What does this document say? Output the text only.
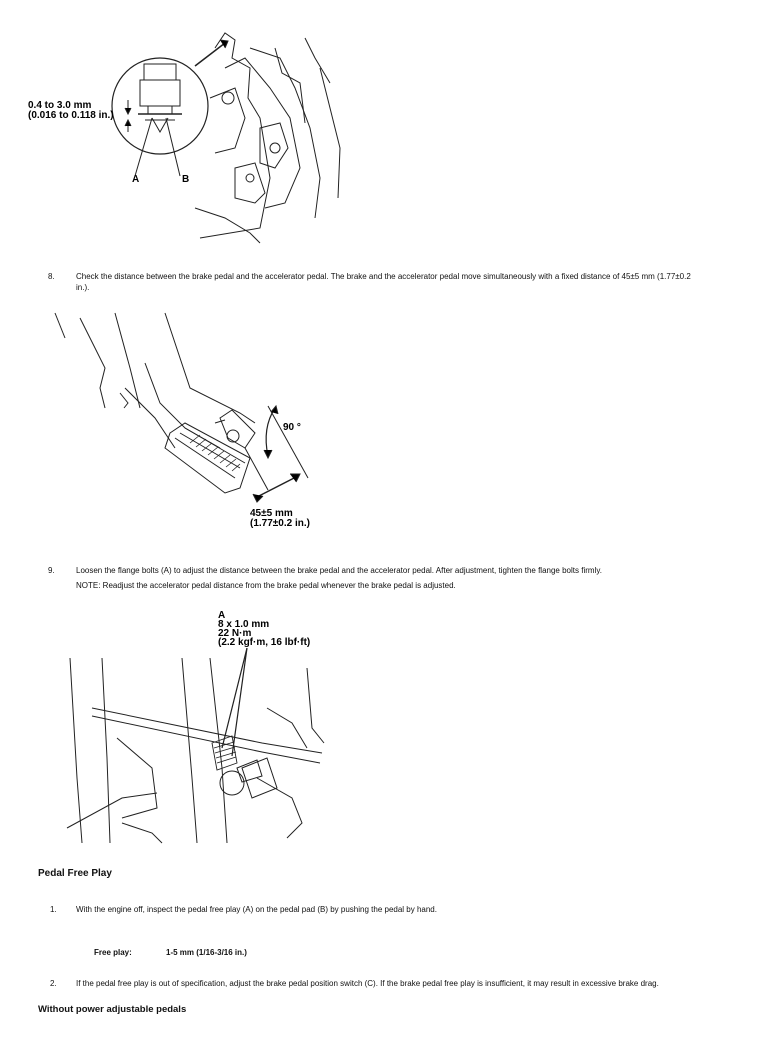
0.4 to 3.0 mm
(0.016 to 0.118 in.)
A	B
8.	Check the distance between the brake pedal and the accelerator pedal. The brake and the accelerator pedal move simultaneously with a fixed distance of 45±5 mm (1.77±0.2 in.).
90 °
45±5 mm
(1.77±0.2 in.)
9.	Loosen the flange bolts (A) to adjust the distance between the brake pedal and the accelerator pedal. After adjustment, tighten the flange bolts firmly.
NOTE: Readjust the accelerator pedal distance from the brake pedal whenever the brake pedal is adjusted.
A
8 x 1.0 mm
22 N·m
(2.2 kgf·m, 16 lbf·ft)
Pedal Free Play
1. With the engine off, inspect the pedal free play (A) on the pedal pad (B) by pushing the pedal by hand.
Free play:	1-5 mm (1/16-3/16 in.)
2. If the pedal free play is out of specification, adjust the brake pedal position switch (C). If the brake pedal free play is insufficient, it may result in excessive brake drag.
Without power adjustable pedals
